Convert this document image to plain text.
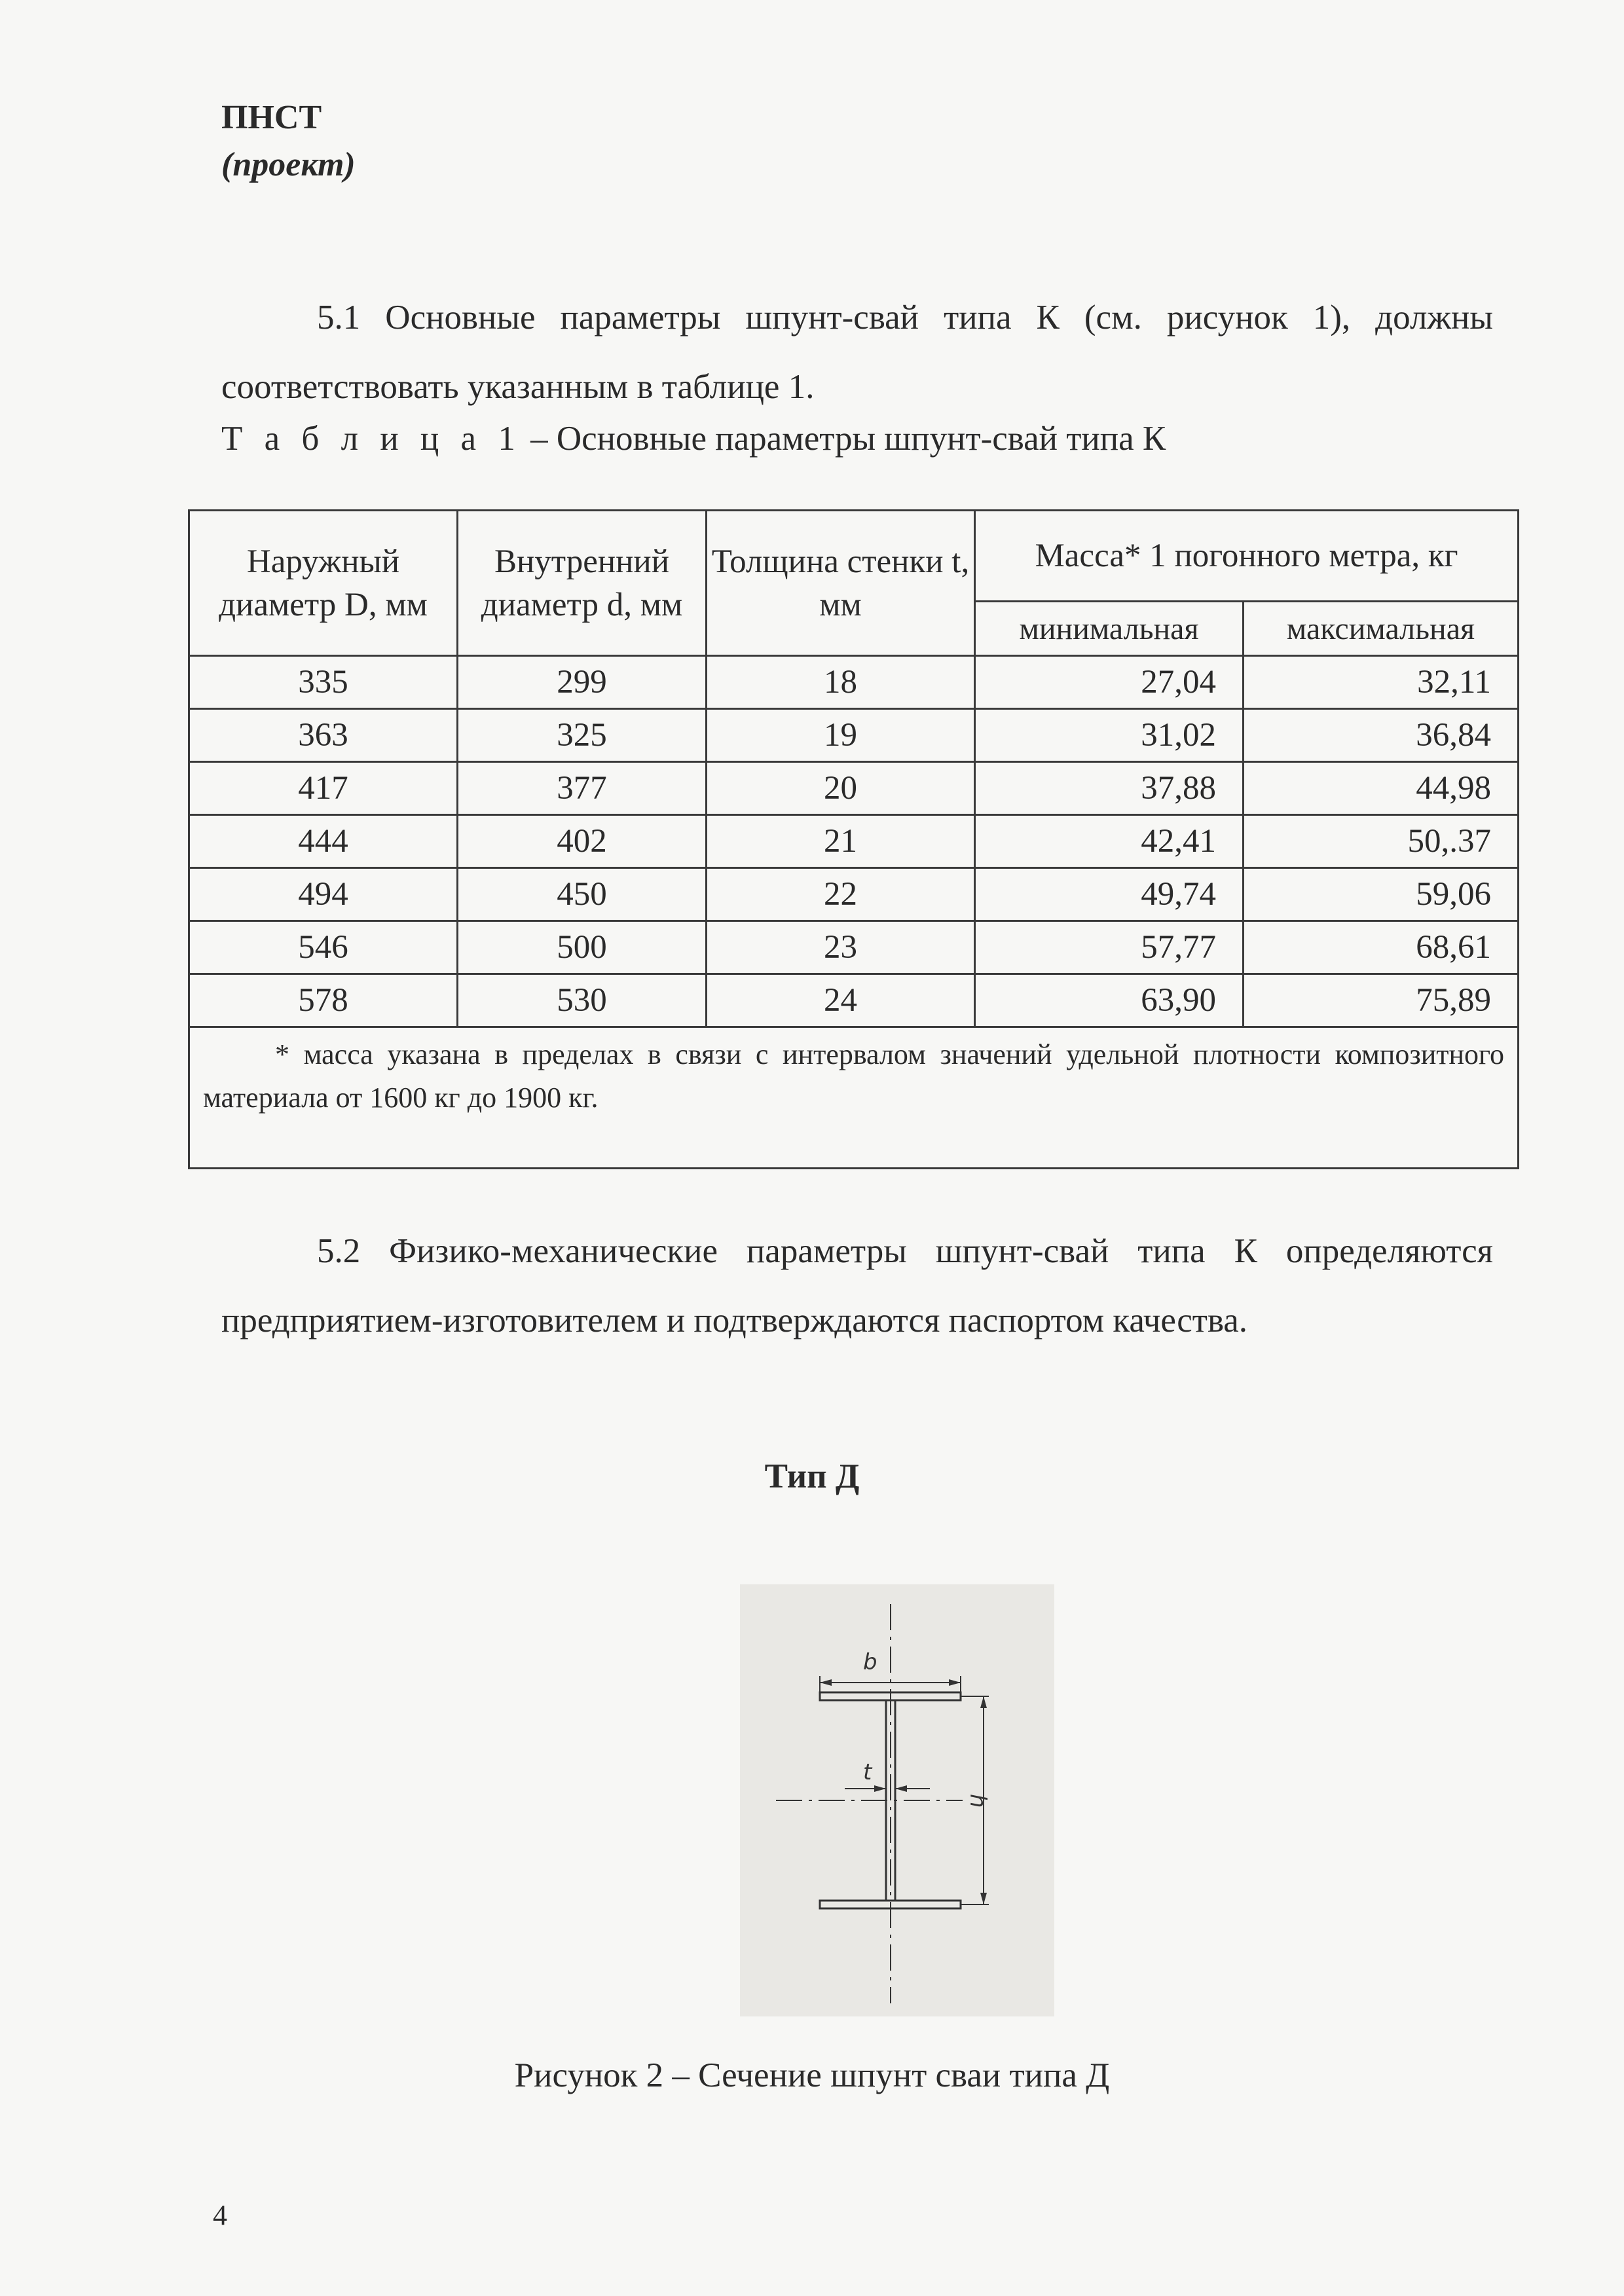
ПНСТ
(проект)
5.1 Основные параметры шпунт-свай типа К (см. рисунок 1), должны соответствовать указанным в таблице 1.
Т а б л и ц а 1 – Основные параметры шпунт-свай типа К
Наружный диаметр D, мм	Внутренний диаметр d, мм	Толщина стенки t, мм	Масса* 1 погонного метра, кг	
			минимальная	максимальная
335	299	18	27,04	32,11
363	325	19	31,02	36,84
417	377	20	37,88	44,98
444	402	21	42,41	50,.37
494	450	22	49,74	59,06
546	500	23	57,77	68,61
578	530	24	63,90	75,89
* масса указана в пределах в связи с интервалом значений удельной плотности композитного материала от 1600 кг до 1900 кг.				
5.2 Физико-механические параметры шпунт-свай типа К определяются предприятием-изготовителем и подтверждаются паспортом качества.
Тип Д
b
t
h
Рисунок 2 – Сечение шпунт сваи типа Д
4
